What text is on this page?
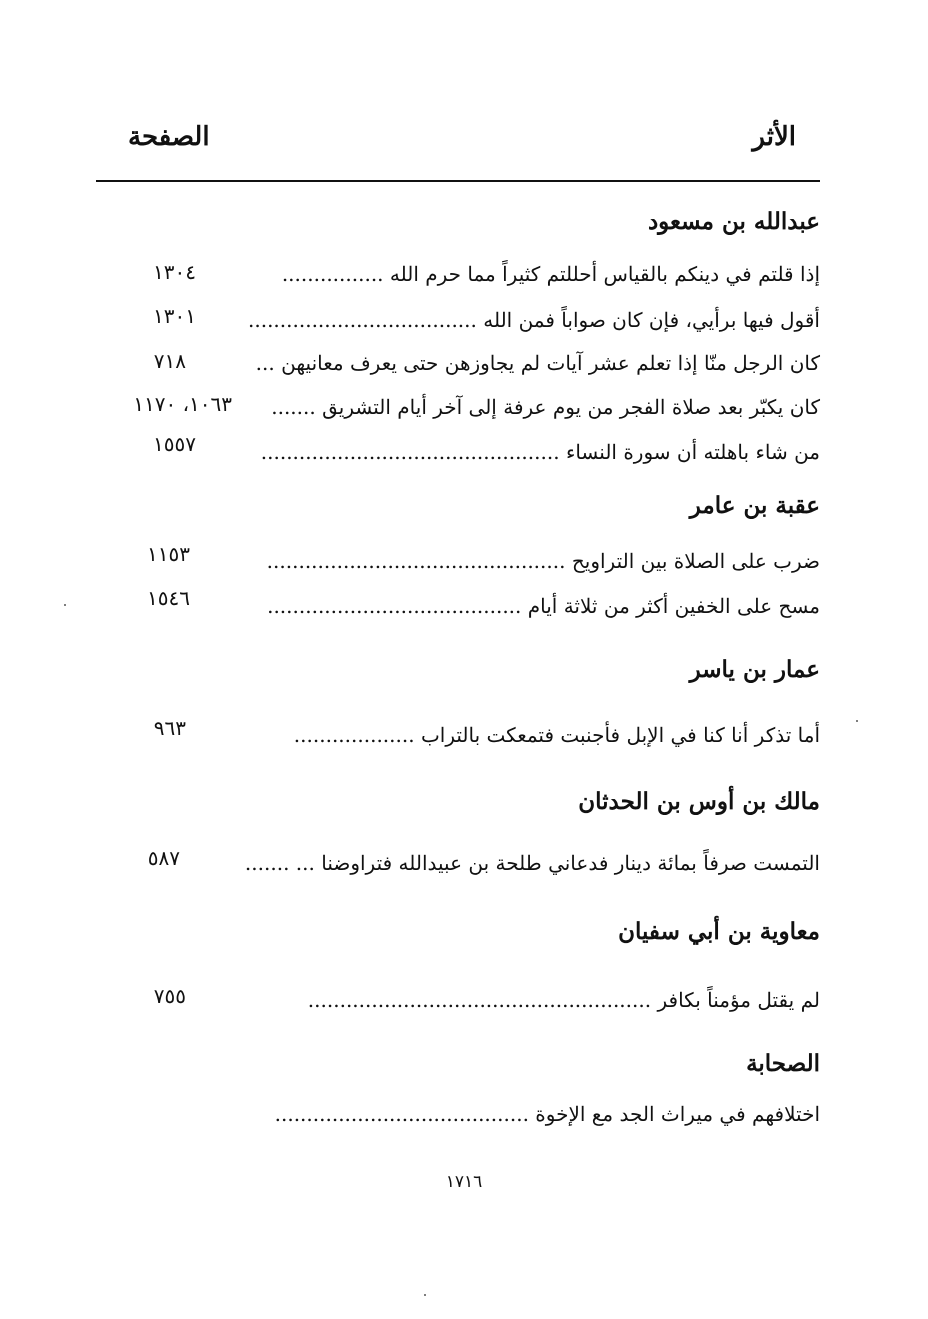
الأثر
الصفحة
عبدالله بن مسعود
إذا قلتم في دينكم بالقياس أحللتم كثيراً مما حرم الله ................
١٣٠٤
أقول فيها برأيي، فإن كان صواباً فمن الله ....................................
١٣٠١
كان الرجل منّا إذا تعلم عشر آيات لم يجاوزهن حتى يعرف معانيهن ...
٧١٨
كان يكبّر بعد صلاة الفجر من يوم عرفة إلى آخر أيام التشريق .......
١٠٦٣، ١١٧٠
من شاء باهلته أن سورة النساء ...............................................
١٥٥٧
عقبة بن عامر
ضرب على الصلاة بين التراويح ...............................................
١١٥٣
مسح على الخفين أكثر من ثلاثة أيام ........................................
١٥٤٦
عمار بن ياسر
أما تذكر أنا كنا في الإبل فأجنبت فتمعكت بالتراب ...................
٩٦٣
مالك بن أوس بن الحدثان
التمست صرفاً بمائة دينار فدعاني طلحة بن عبيدالله فتراوضنا ... .......
٥٨٧
معاوية بن أبي سفيان
لم يقتل مؤمناً بكافر ......................................................
٧٥٥
الصحابة
اختلافهم في ميراث الجد مع الإخوة ........................................
١٧١٦
